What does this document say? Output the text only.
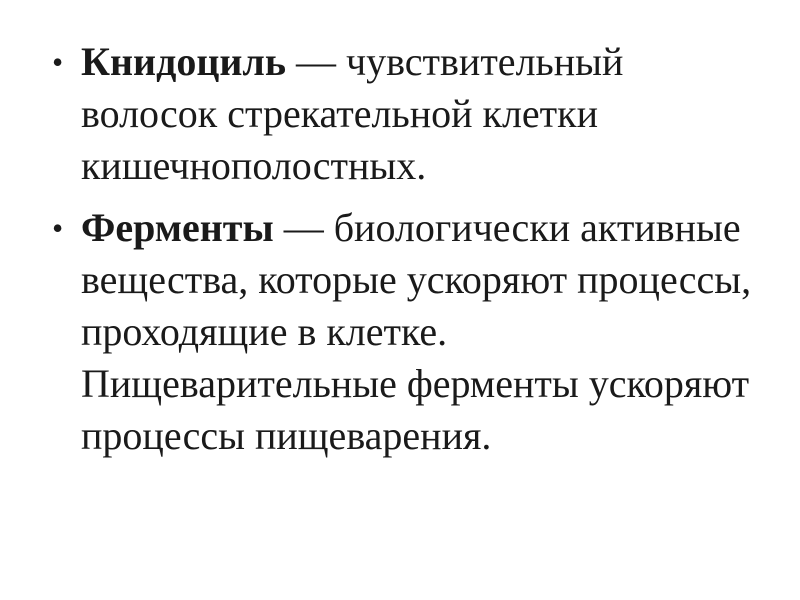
• Книдоциль — чувствительный волосок стрекательной клетки кишечнополостных.
• Ферменты — биологически активные вещества, которые ускоряют процессы, проходящие в клетке. Пищеварительные ферменты ускоряют процессы пищеварения.
